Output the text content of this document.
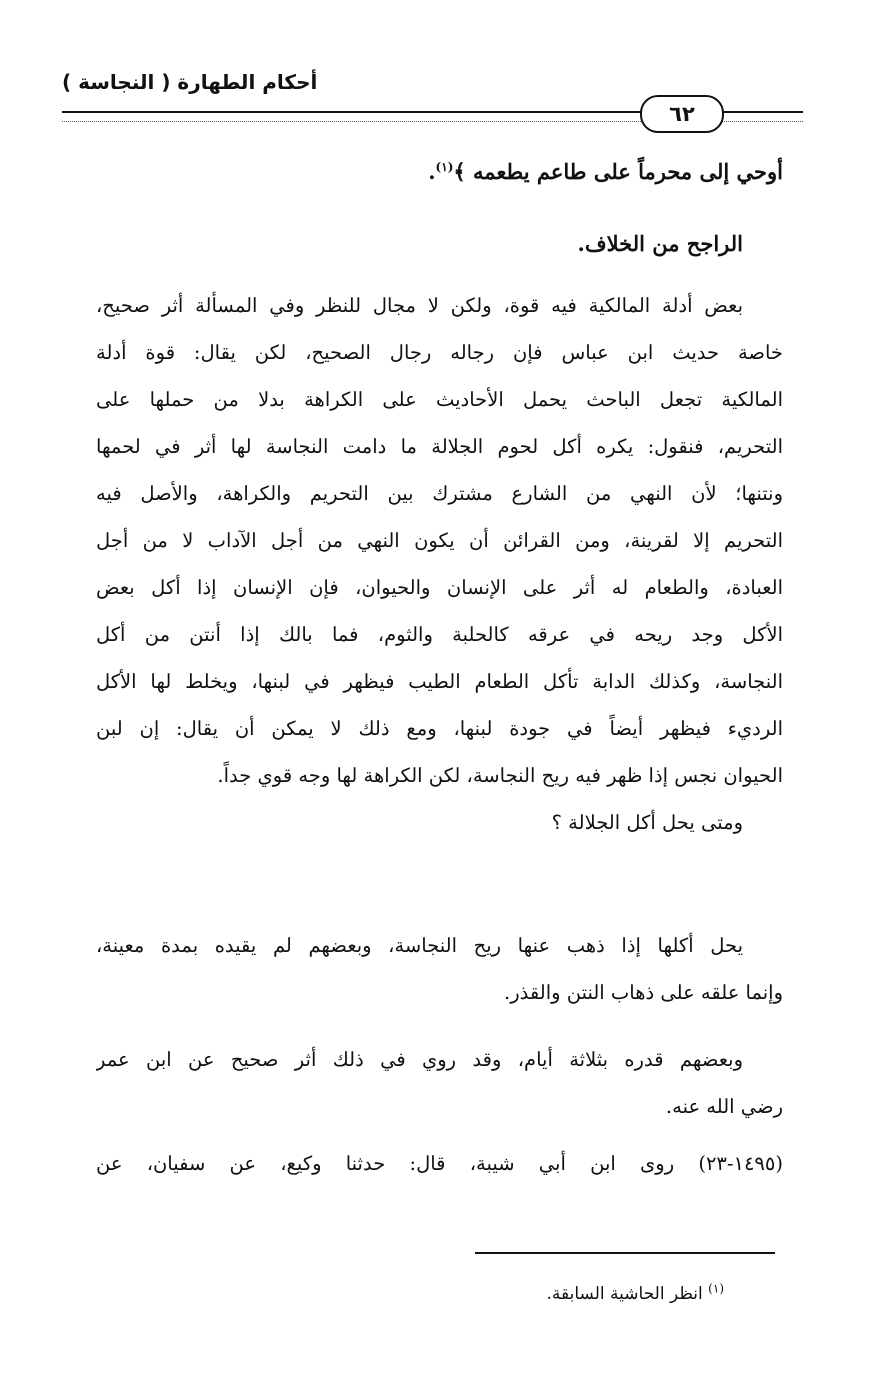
أحكام الطهارة ( النجاسة )
٦٢
أوحي إلى محرماً على طاعم يطعمه ﴾$^{(١)}$.
الراجح من الخلاف.
بعض أدلة المالكية فيه قوة، ولكن لا مجال للنظر وفي المسألة أثر صحيح،
خاصة حديث ابن عباس فإن رجاله رجال الصحيح، لكن يقال: قوة أدلة
المالكية تجعل الباحث يحمل الأحاديث على الكراهة بدلا من حملها على
التحريم، فنقول: يكره أكل لحوم الجلالة ما دامت النجاسة لها أثر في لحمها
ونتنها؛ لأن النهي من الشارع مشترك بين التحريم والكراهة، والأصل فيه
التحريم إلا لقرينة، ومن القرائن أن يكون النهي من أجل الآداب لا من أجل
العبادة، والطعام له أثر على الإنسان والحيوان، فإن الإنسان إذا أكل بعض
الأكل وجد ريحه في عرقه كالحلبة والثوم، فما بالك إذا أنتن من أكل
النجاسة، وكذلك الدابة تأكل الطعام الطيب فيظهر في لبنها، ويخلط لها الأكل
الرديء فيظهر أيضاً في جودة لبنها، ومع ذلك لا يمكن أن يقال: إن لبن
الحيوان نجس إذا ظهر فيه ريح النجاسة، لكن الكراهة لها وجه قوي جداً.
ومتى يحل أكل الجلالة ؟
يحل أكلها إذا ذهب عنها ريح النجاسة، وبعضهم لم يقيده بمدة معينة،
وإنما علقه على ذهاب النتن والقذر.
وبعضهم قدره بثلاثة أيام، وقد روي في ذلك أثر صحيح عن ابن عمر
رضي الله عنه.
(١٤٩٥-٢٣) روى ابن أبي شيبة، قال: حدثنا وكيع، عن سفيان، عن
$^{(١)}$ انظر الحاشية السابقة.
